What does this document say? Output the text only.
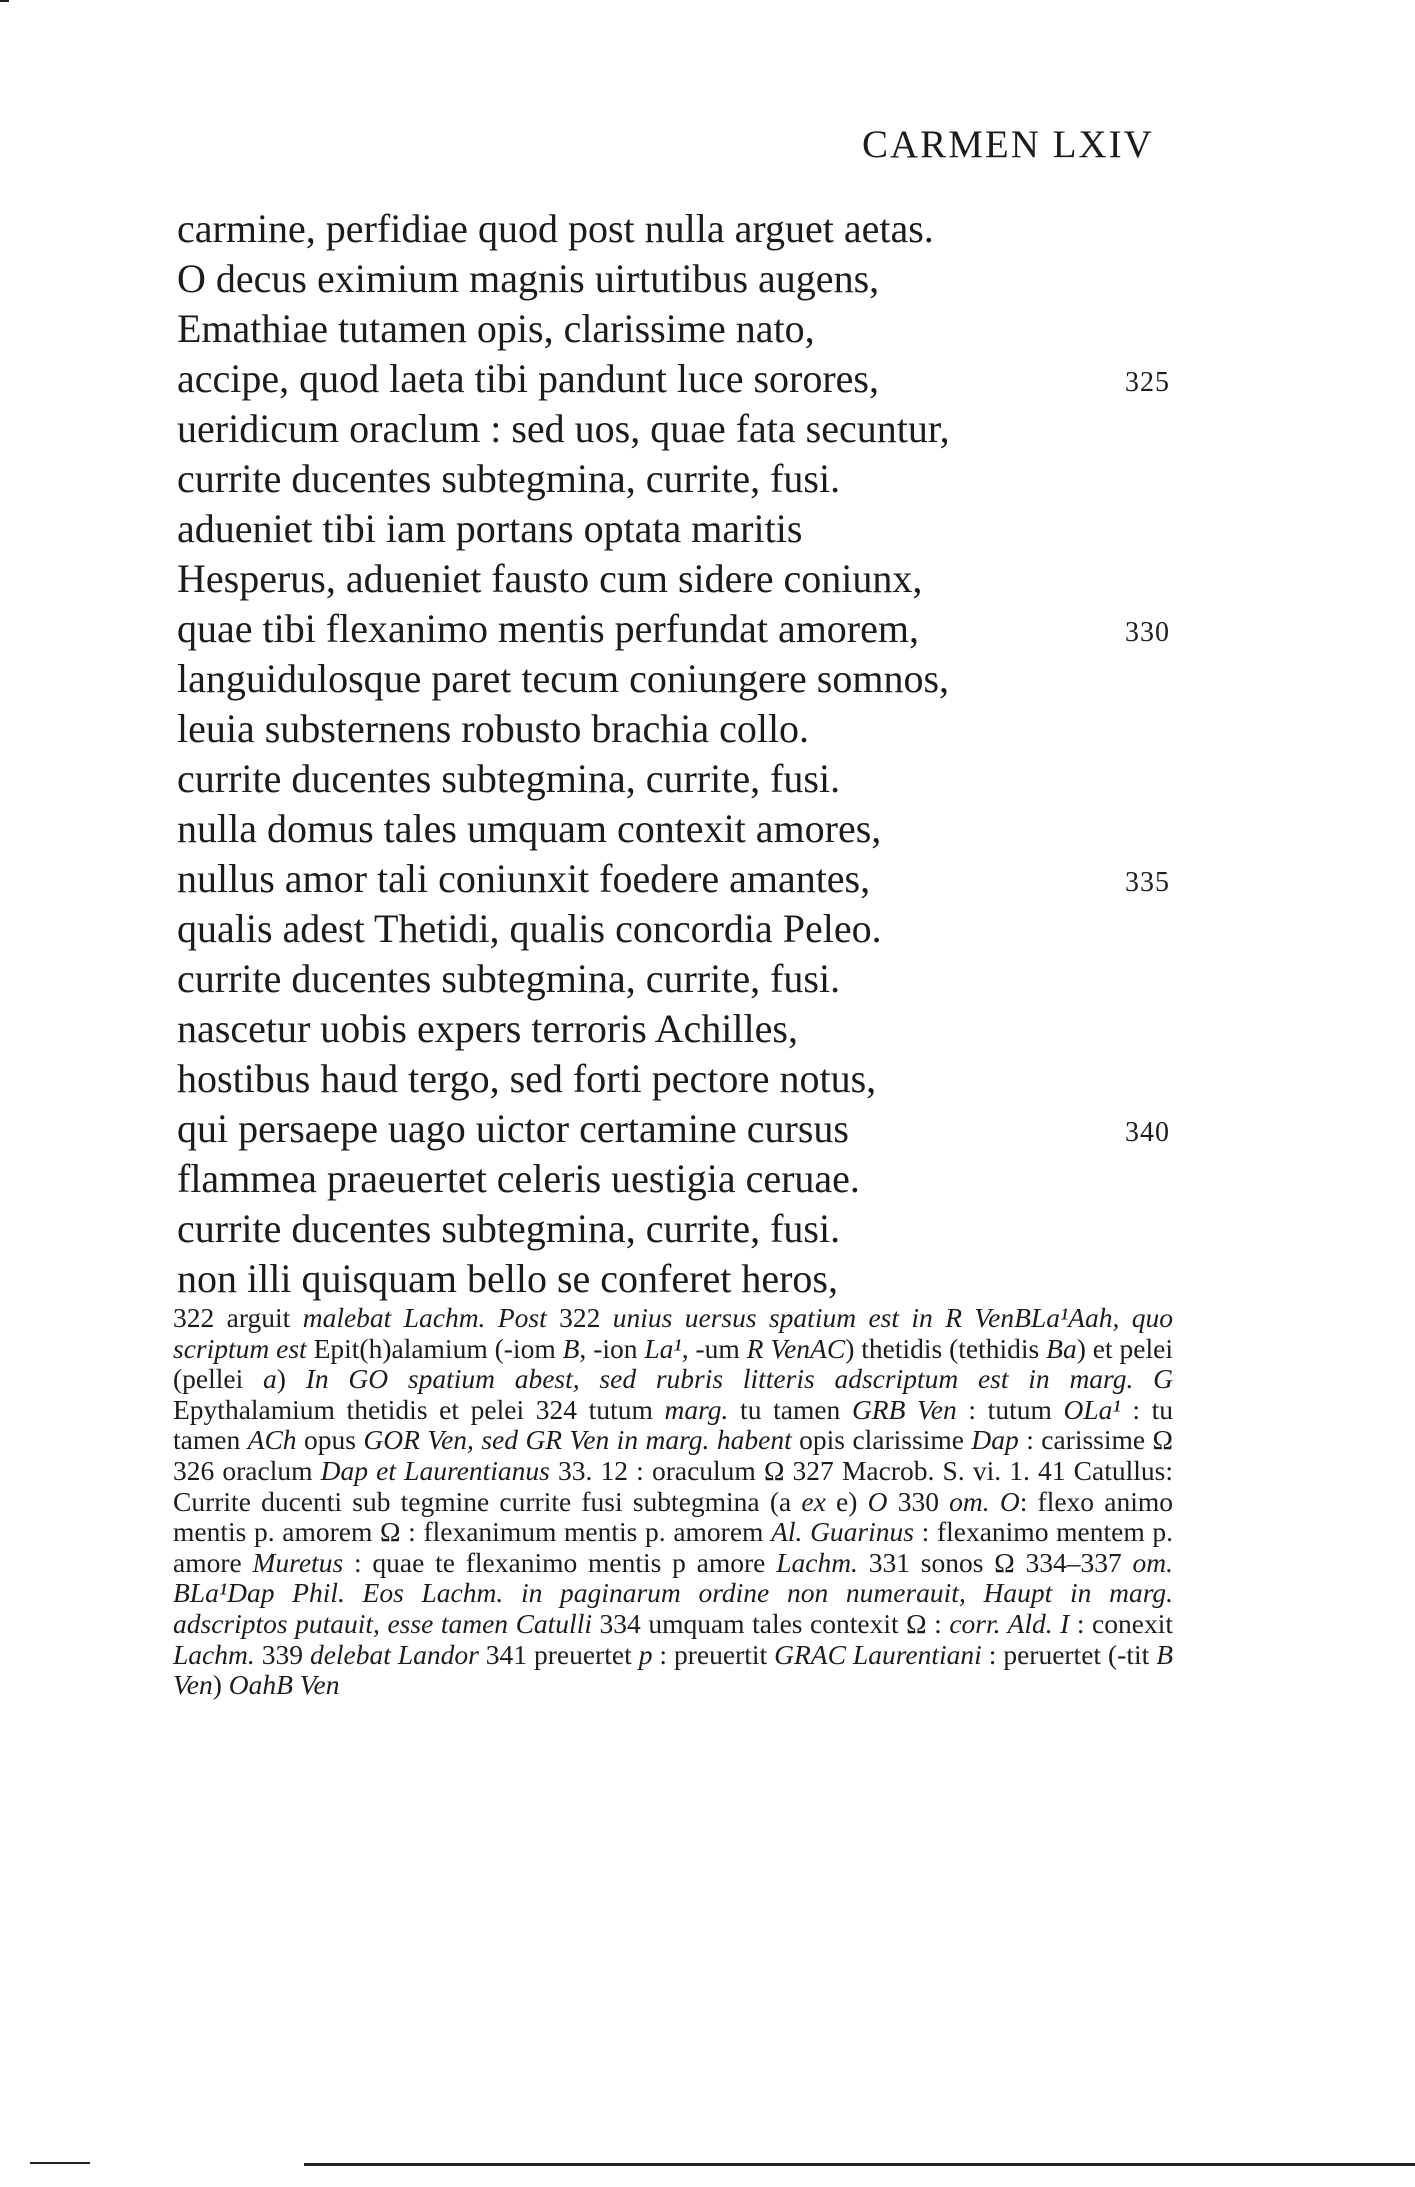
CARMEN LXIV
carmine, perfidiae quod post nulla arguet aetas.
O decus eximium magnis uirtutibus augens,
Emathiae tutamen opis, clarissime nato,
accipe, quod laeta tibi pandunt luce sorores,	325
ueridicum oraclum : sed uos, quae fata secuntur,
currite ducentes subtegmina, currite, fusi.
adueniet tibi iam portans optata maritis
Hesperus, adueniet fausto cum sidere coniunx,
quae tibi flexanimo mentis perfundat amorem,	330
languidulosque paret tecum coniungere somnos,
leuia substernens robusto brachia collo.
currite ducentes subtegmina, currite, fusi.
nulla domus tales umquam contexit amores,
nullus amor tali coniunxit foedere amantes,	335
qualis adest Thetidi, qualis concordia Peleo.
currite ducentes subtegmina, currite, fusi.
nascetur uobis expers terroris Achilles,
hostibus haud tergo, sed forti pectore notus,
qui persaepe uago uictor certamine cursus	340
flammea praeuertet celeris uestigia ceruae.
currite ducentes subtegmina, currite, fusi.
non illi quisquam bello se conferet heros,
322 arguit malebat Lachm. Post 322 unius uersus spatium est in R VenBLa¹Aah, quo scriptum est Epit(h)alamium (-iom B, -ion La¹, -um R VenAC) thetidis (tethidis Ba) et pelei (pellei a) In GO spatium abest, sed rubris litteris adscriptum est in marg. G Epythalamium thetidis et pelei 324 tutum marg. tu tamen GRB Ven : tutum OLa¹ : tu tamen ACh opus GOR Ven, sed GR Ven in marg. habent opis clarissime Dap : carissime Ω 326 oraclum Dap et Laurentianus 33. 12 : oraculum Ω 327 Macrob. S. vi. 1. 41 Catullus: Currite ducenti sub tegmine currite fusi subtegmina (a ex e) O 330 om. O: flexo animo mentis p. amorem Ω : flexanimum mentis p. amorem Al. Guarinus : flexanimo mentem p. amore Muretus : quae te flexanimo mentis p amore Lachm. 331 sonos Ω 334–337 om. BLa¹Dap Phil. Eos Lachm. in paginarum ordine non numerauit, Haupt in marg. adscriptos putauit, esse tamen Catulli 334 umquam tales contexit Ω : corr. Ald. I : conexit Lachm. 339 delebat Landor 341 preuertet p : preuertit GRAC Laurentiani : peruertet (-tit B Ven) OahB Ven
